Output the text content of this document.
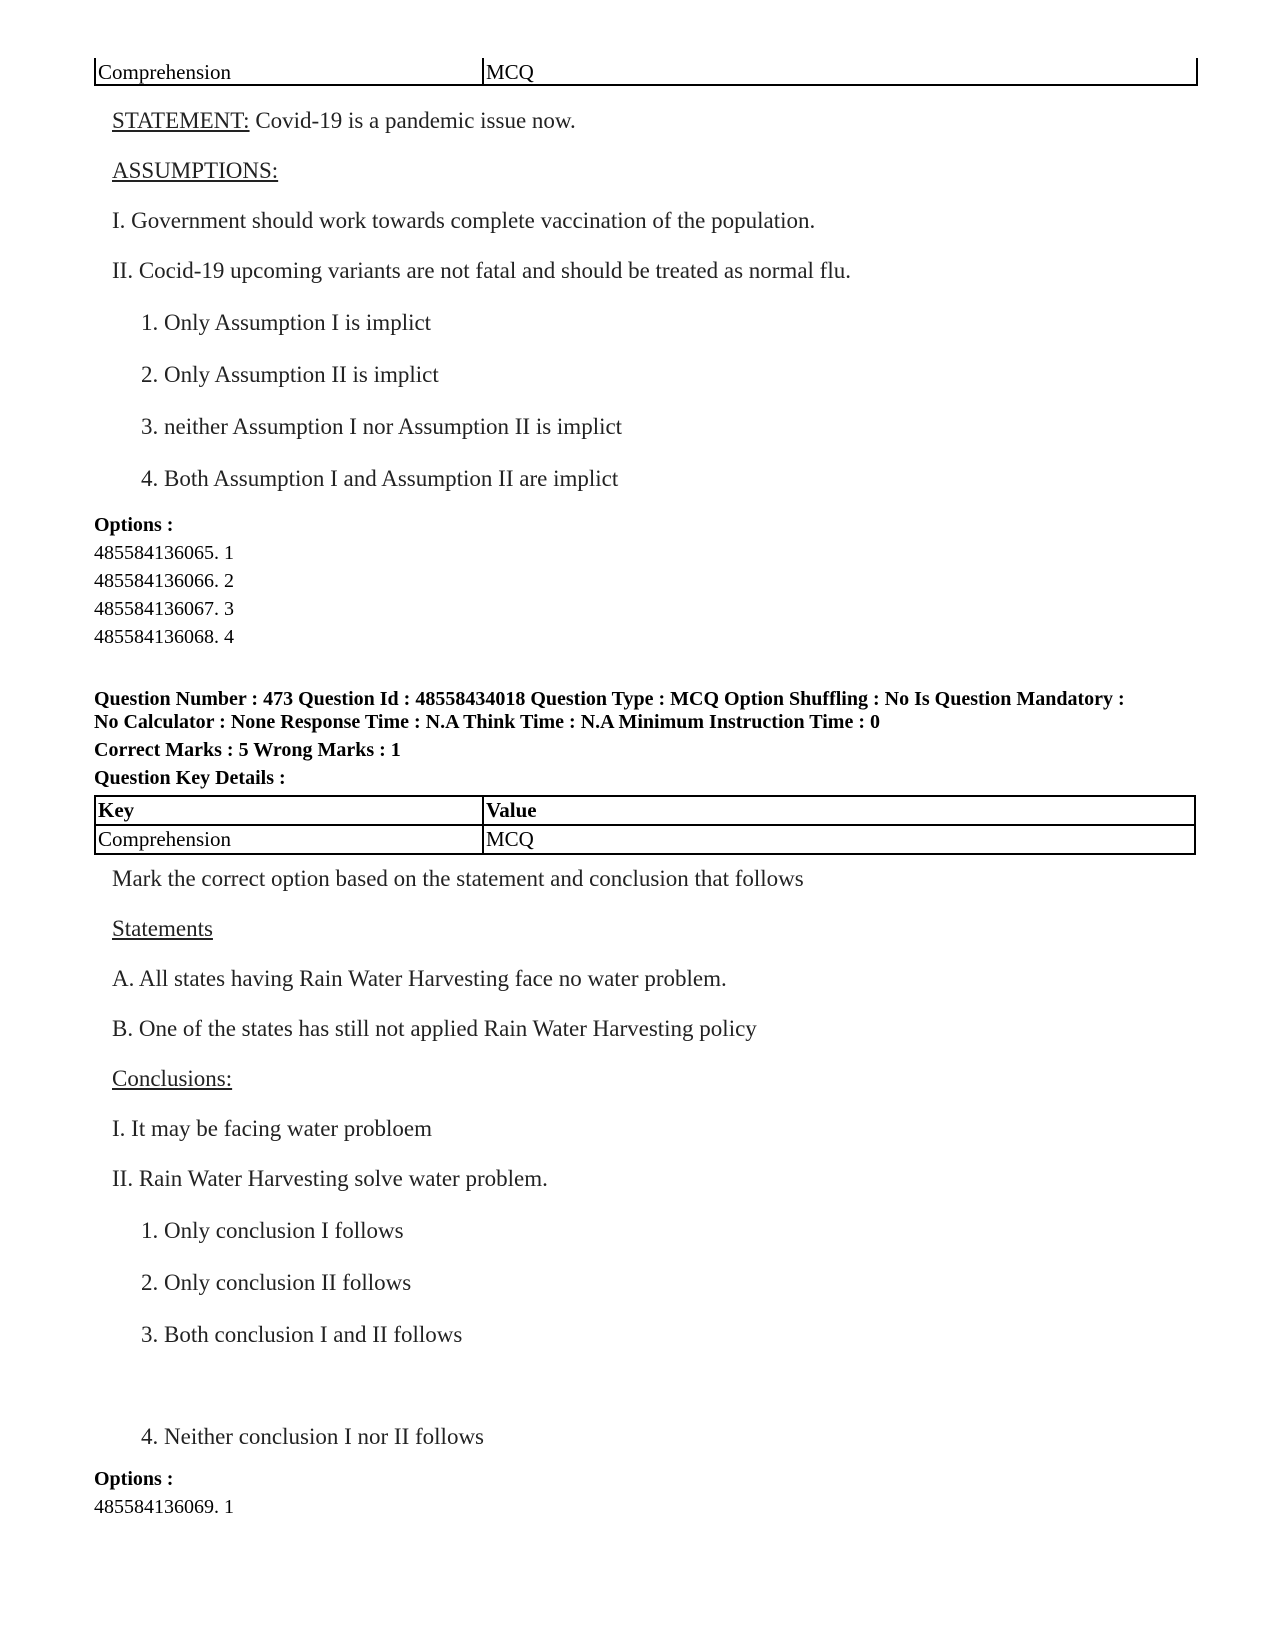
Comprehension	MCQ
STATEMENT: Covid-19 is a pandemic issue now.
ASSUMPTIONS:
I. Government should work towards complete vaccination of the population.
II. Cocid-19 upcoming variants are not fatal and should be treated as normal flu.
1. Only Assumption I is implict
2. Only Assumption II is implict
3. neither Assumption I nor Assumption II is implict
4. Both Assumption I and Assumption II are implict
Options :
485584136065. 1
485584136066. 2
485584136067. 3
485584136068. 4
Question Number : 473 Question Id : 48558434018 Question Type : MCQ Option Shuffling : No Is Question Mandatory :
No Calculator : None Response Time : N.A Think Time : N.A Minimum Instruction Time : 0
Correct Marks : 5 Wrong Marks : 1
Question Key Details :
Key	Value
Comprehension	MCQ
Mark the correct option based on the statement and conclusion that follows
Statements
A. All states having Rain Water Harvesting face no water problem.
B. One of the states has still not applied Rain Water Harvesting policy
Conclusions:
I. It may be facing water probloem
II. Rain Water Harvesting solve water problem.
1. Only conclusion I follows
2. Only conclusion II follows
3. Both conclusion I and II follows
4. Neither conclusion I nor II follows
Options :
485584136069. 1
